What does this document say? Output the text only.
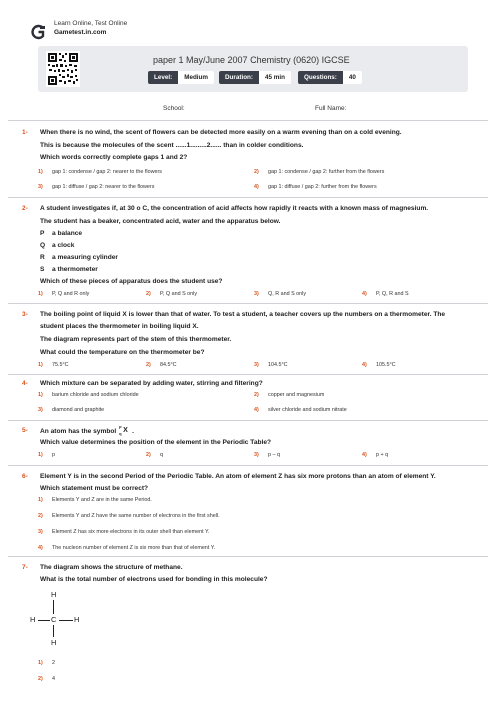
Learn Online, Test Online
Gametest.in.com
paper 1 May/June 2007 Chemistry (0620) IGCSE
Level:	Medium	Duration:	45 min	Questions:	40
School:	Full Name:
1- When there is no wind, the scent of flowers can be detected more easily on a warm evening than on a cold evening.
This is because the molecules of the scent ......1.........2...... than in colder conditions.
Which words correctly complete gaps 1 and 2?
1) gap 1: condense / gap 2: nearer to the flowers	2) gap 1: condense / gap 2: further from the flowers
3) gap 1: diffuse / gap 2: nearer to the flowers	4) gap 1: diffuse / gap 2: further from the flowers
2- A student investigates if, at 30 o C, the concentration of acid affects how rapidly it reacts with a known mass of magnesium.
The student has a beaker, concentrated acid, water and the apparatus below.
P a balance
Q a clock
R a measuring cylinder
S a thermometer
Which of these pieces of apparatus does the student use?
1) P, Q and R only	2) P, Q and S only	3) Q, R and S only	4) P, Q, R and S
3- The boiling point of liquid X is lower than that of water. To test a student, a teacher covers up the numbers on a thermometer. The
student places the thermometer in boiling liquid X.
The diagram represents part of the stem of this thermometer.
What could the temperature on the thermometer be?
1) 75.5°C	2) 84.5°C	3) 104.5°C	4) 105.5°C
4- Which mixture can be separated by adding water, stirring and filtering?
1) barium chloride and sodium chloride	2) copper and magnesium
3) diamond and graphite	4) silver chloride and sodium nitrate
5- An atom has the symbol
p
q X .
Which value determines the position of the element in the Periodic Table?
1) p	2) q	3) p – q	4) p + q
6- Element Y is in the second Period of the Periodic Table. An atom of element Z has six more protons than an atom of element Y.
Which statement must be correct?
1) Elements Y and Z are in the same Period.
2) Elements Y and Z have the same number of electrons in the first shell.
3) Element Z has six more electrons in its outer shell than element Y.
4) The nucleon number of element Z is six more than that of element Y.
7- The diagram shows the structure of methane.
What is the total number of electrons used for bonding in this molecule?
H
H C H
H
1) 2
2) 4
